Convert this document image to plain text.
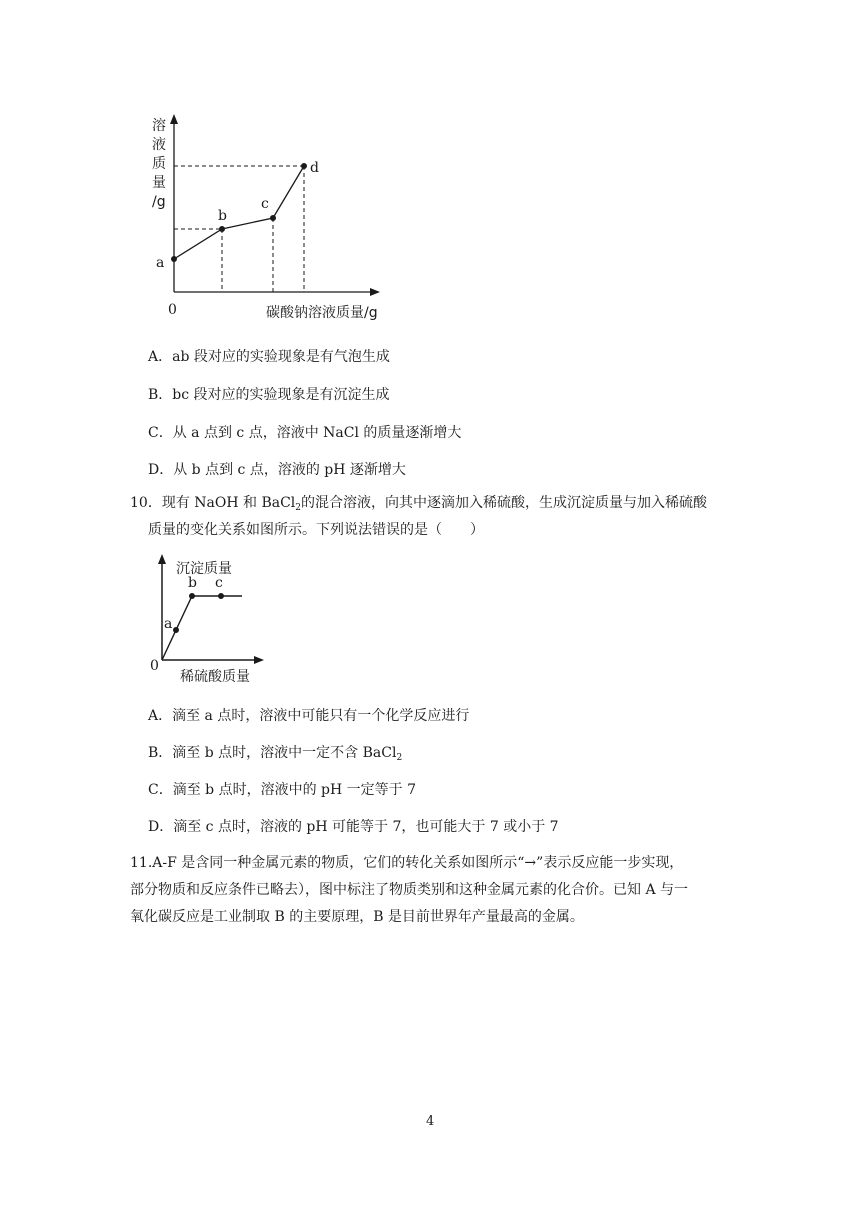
溶
液
质
量
/g
a
b
c
d
0	碳酸钠溶液质量/g
A．ab 段对应的实验现象是有气泡生成
B．bc 段对应的实验现象是有沉淀生成
C．从 a 点到 c 点，溶液中 NaCl 的质量逐渐增大
D．从 b 点到 c 点，溶液的 pH 逐渐增大
10．现有 NaOH 和 BaCl$_2$的混合溶液，向其中逐滴加入稀硫酸，生成沉淀质量与加入稀硫酸
质量的变化关系如图所示。下列说法错误的是（　　）
沉淀质量
a
b c
0
稀硫酸质量
A．滴至 a 点时，溶液中可能只有一个化学反应进行
B．滴至 b 点时，溶液中一定不含 BaCl$_2$
C．滴至 b 点时，溶液中的 pH 一定等于 7
D．滴至 c 点时，溶液的 pH 可能等于 7，也可能大于 7 或小于 7
11.A-F 是含同一种金属元素的物质，它们的转化关系如图所示“→”表示反应能一步实现，
部分物质和反应条件已略去），图中标注了物质类别和这种金属元素的化合价。已知 A 与一
氧化碳反应是工业制取 B 的主要原理，B 是目前世界年产量最高的金属。
4
